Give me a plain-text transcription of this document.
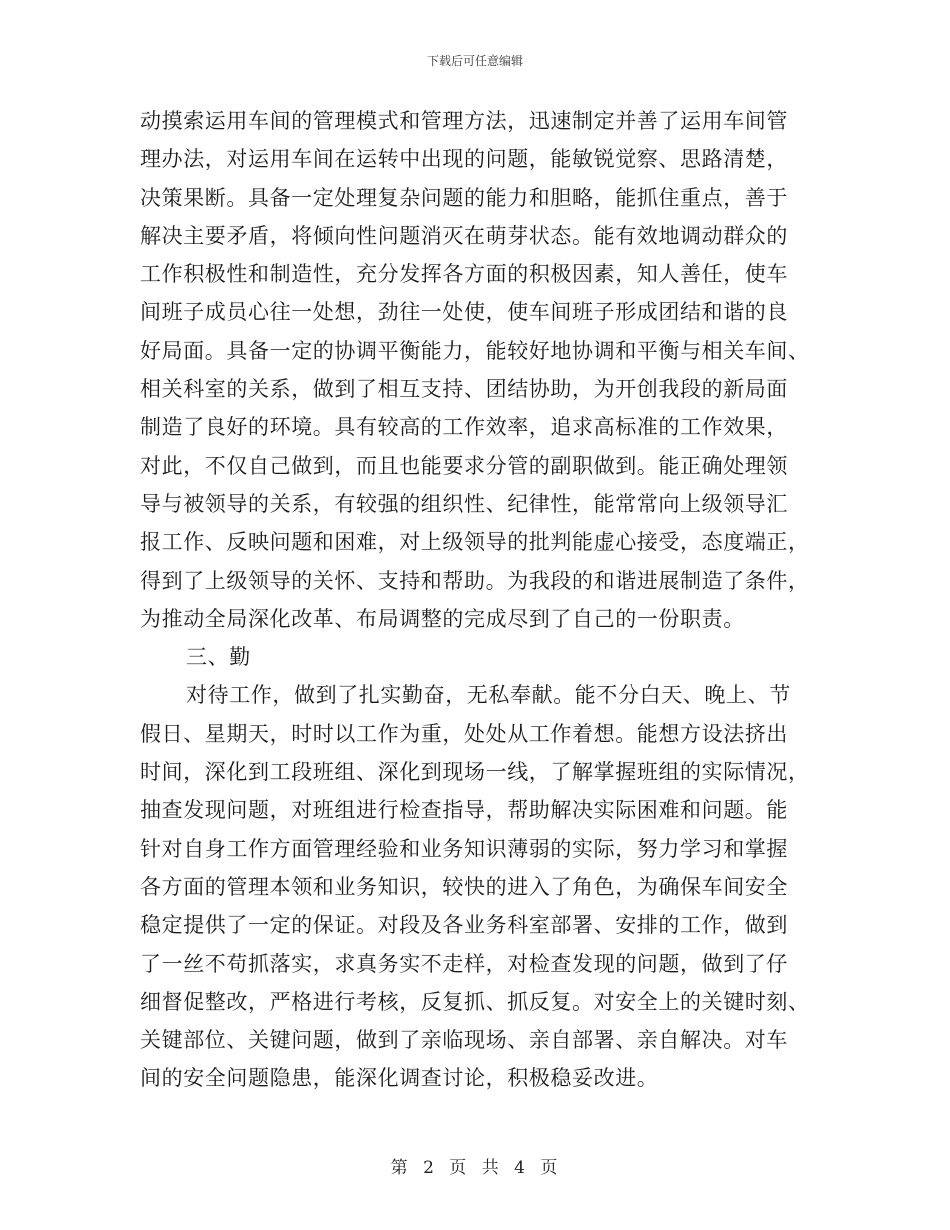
下载后可任意编辑
动摸索运用车间的管理模式和管理方法，迅速制定并善了运用车间管
理办法，对运用车间在运转中出现的问题，能敏锐觉察、思路清楚，
决策果断。具备一定处理复杂问题的能力和胆略，能抓住重点，善于
解决主要矛盾，将倾向性问题消灭在萌芽状态。能有效地调动群众的
工作积极性和制造性，充分发挥各方面的积极因素，知人善任，使车
间班子成员心往一处想，劲往一处使，使车间班子形成团结和谐的良
好局面。具备一定的协调平衡能力，能较好地协调和平衡与相关车间、
相关科室的关系，做到了相互支持、团结协助，为开创我段的新局面
制造了良好的环境。具有较高的工作效率，追求高标准的工作效果，
对此，不仅自己做到，而且也能要求分管的副职做到。能正确处理领
导与被领导的关系，有较强的组织性、纪律性，能常常向上级领导汇
报工作、反映问题和困难，对上级领导的批判能虚心接受，态度端正，
得到了上级领导的关怀、支持和帮助。为我段的和谐进展制造了条件，
为推动全局深化改革、布局调整的完成尽到了自己的一份职责。
三、勤
对待工作，做到了扎实勤奋，无私奉献。能不分白天、晚上、节
假日、星期天，时时以工作为重，处处从工作着想。能想方设法挤出
时间，深化到工段班组、深化到现场一线，了解掌握班组的实际情况，
抽查发现问题，对班组进行检查指导，帮助解决实际困难和问题。能
针对自身工作方面管理经验和业务知识薄弱的实际，努力学习和掌握
各方面的管理本领和业务知识，较快的进入了角色，为确保车间安全
稳定提供了一定的保证。对段及各业务科室部署、安排的工作，做到
了一丝不苟抓落实，求真务实不走样，对检查发现的问题，做到了仔
细督促整改，严格进行考核，反复抓、抓反复。对安全上的关键时刻、
关键部位、关键问题，做到了亲临现场、亲自部署、亲自解决。对车
间的安全问题隐患，能深化调查讨论，积极稳妥改进。
第 2 页 共 4 页
